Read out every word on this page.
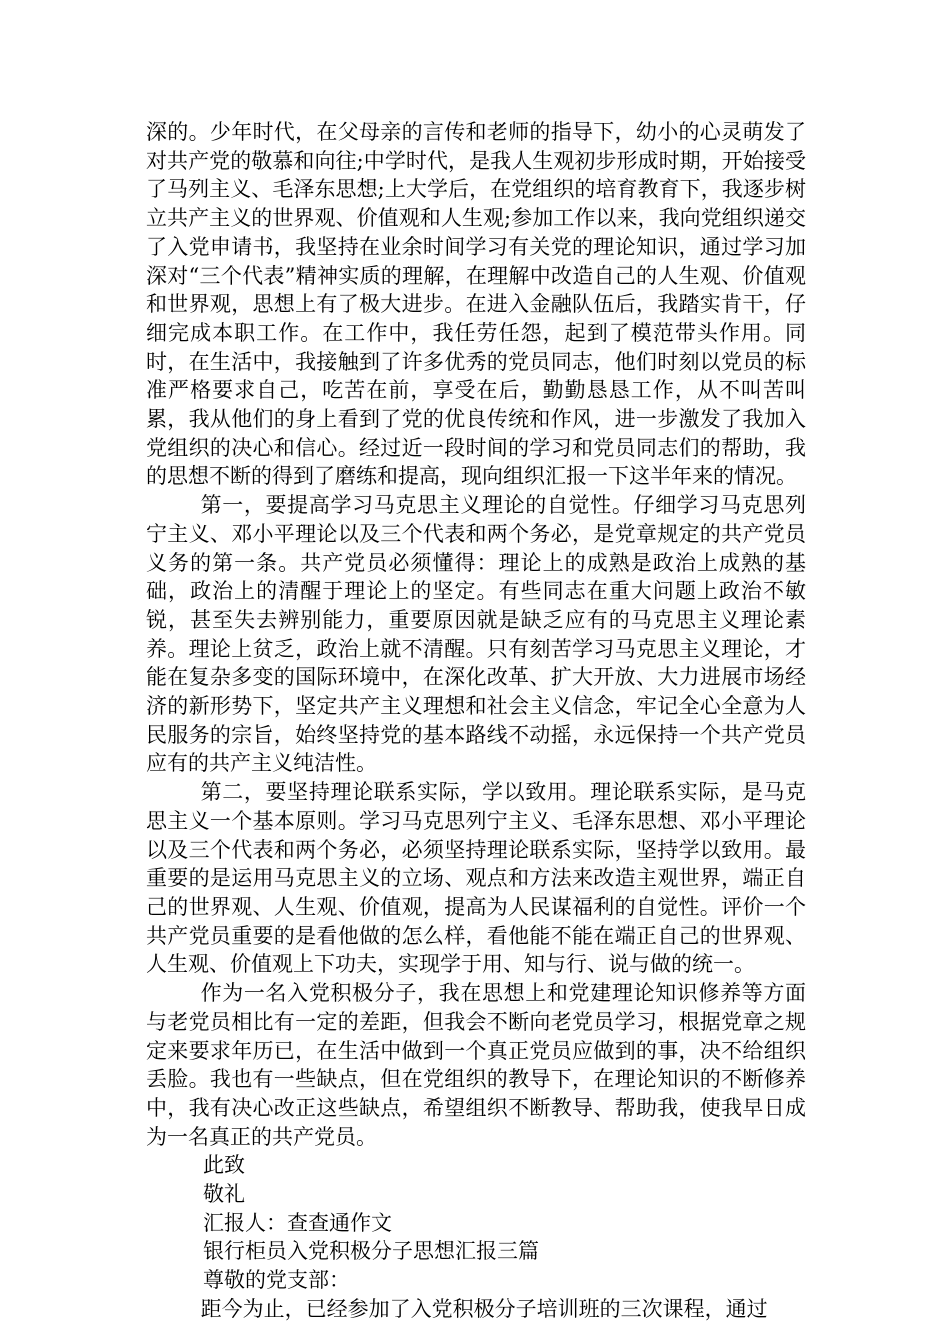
深的。少年时代，在父母亲的言传和老师的指导下，幼小的心灵萌发了对共产党的敬慕和向往;中学时代，是我人生观初步形成时期，开始接受了马列主义、毛泽东思想;上大学后，在党组织的培育教育下，我逐步树立共产主义的世界观、价值观和人生观;参加工作以来，我向党组织递交了入党申请书，我坚持在业余时间学习有关党的理论知识，通过学习加深对“三个代表”精神实质的理解，在理解中改造自己的人生观、价值观和世界观，思想上有了极大进步。在进入金融队伍后，我踏实肯干，仔细完成本职工作。在工作中，我任劳任怨，起到了模范带头作用。同时，在生活中，我接触到了许多优秀的党员同志，他们时刻以党员的标准严格要求自己，吃苦在前，享受在后，勤勤恳恳工作，从不叫苦叫累，我从他们的身上看到了党的优良传统和作风，进一步激发了我加入党组织的决心和信心。经过近一段时间的学习和党员同志们的帮助，我的思想不断的得到了磨练和提高，现向组织汇报一下这半年来的情况。

第一，要提高学习马克思主义理论的自觉性。仔细学习马克思列宁主义、邓小平理论以及三个代表和两个务必，是党章规定的共产党员义务的第一条。共产党员必须懂得：理论上的成熟是政治上成熟的基础，政治上的清醒于理论上的坚定。有些同志在重大问题上政治不敏锐，甚至失去辨别能力，重要原因就是缺乏应有的马克思主义理论素养。理论上贫乏，政治上就不清醒。只有刻苦学习马克思主义理论，才能在复杂多变的国际环境中，在深化改革、扩大开放、大力进展市场经济的新形势下，坚定共产主义理想和社会主义信念，牢记全心全意为人民服务的宗旨，始终坚持党的基本路线不动摇，永远保持一个共产党员应有的共产主义纯洁性。

第二，要坚持理论联系实际，学以致用。理论联系实际，是马克思主义一个基本原则。学习马克思列宁主义、毛泽东思想、邓小平理论以及三个代表和两个务必，必须坚持理论联系实际，坚持学以致用。最重要的是运用马克思主义的立场、观点和方法来改造主观世界，端正自己的世界观、人生观、价值观，提高为人民谋福利的自觉性。评价一个共产党员重要的是看他做的怎么样，看他能不能在端正自己的世界观、人生观、价值观上下功夫，实现学于用、知与行、说与做的统一。

作为一名入党积极分子，我在思想上和党建理论知识修养等方面与老党员相比有一定的差距，但我会不断向老党员学习，根据党章之规定来要求年历已，在生活中做到一个真正党员应做到的事，决不给组织丢脸。我也有一些缺点，但在党组织的教导下，在理论知识的不断修养中，我有决心改正这些缺点，希望组织不断教导、帮助我，使我早日成为一名真正的共产党员。

此致

敬礼

汇报人：查查通作文

银行柜员入党积极分子思想汇报三篇

尊敬的党支部：

距今为止，已经参加了入党积极分子培训班的三次课程，通过
